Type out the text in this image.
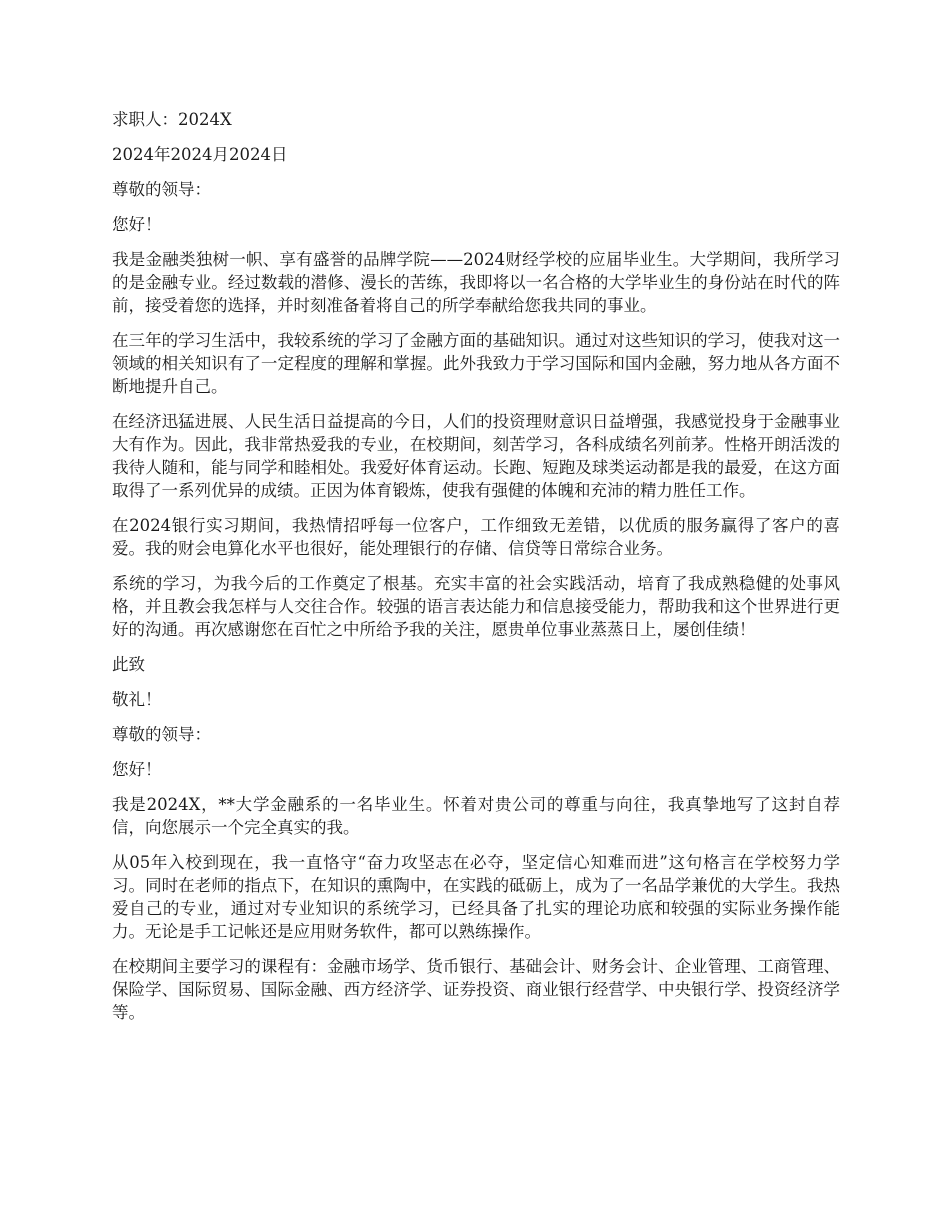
求职人：2024X

2024年2024月2024日

尊敬的领导：

您好！

我是金融类独树一帜、享有盛誉的品牌学院——2024财经学校的应届毕业生。大学期间，我所学习的是金融专业。经过数载的潜修、漫长的苦练，我即将以一名合格的大学毕业生的身份站在时代的阵前，接受着您的选择，并时刻准备着将自己的所学奉献给您我共同的事业。

在三年的学习生活中，我较系统的学习了金融方面的基础知识。通过对这些知识的学习，使我对这一领域的相关知识有了一定程度的理解和掌握。此外我致力于学习国际和国内金融，努力地从各方面不断地提升自己。

在经济迅猛进展、人民生活日益提高的今日，人们的投资理财意识日益增强，我感觉投身于金融事业大有作为。因此，我非常热爱我的专业，在校期间，刻苦学习，各科成绩名列前茅。性格开朗活泼的我待人随和，能与同学和睦相处。我爱好体育运动。长跑、短跑及球类运动都是我的最爱，在这方面取得了一系列优异的成绩。正因为体育锻炼，使我有强健的体魄和充沛的精力胜任工作。

在2024银行实习期间，我热情招呼每一位客户，工作细致无差错，以优质的服务赢得了客户的喜爱。我的财会电算化水平也很好，能处理银行的存储、信贷等日常综合业务。

系统的学习，为我今后的工作奠定了根基。充实丰富的社会实践活动，培育了我成熟稳健的处事风格，并且教会我怎样与人交往合作。较强的语言表达能力和信息接受能力，帮助我和这个世界进行更好的沟通。再次感谢您在百忙之中所给予我的关注，愿贵单位事业蒸蒸日上，屡创佳绩！

此致

敬礼！

尊敬的领导：

您好！

我是2024X，**大学金融系的一名毕业生。怀着对贵公司的尊重与向往，我真挚地写了这封自荐信，向您展示一个完全真实的我。

从05年入校到现在，我一直恪守“奋力攻坚志在必夺，坚定信心知难而进”这句格言在学校努力学习。同时在老师的指点下，在知识的熏陶中，在实践的砥砺上，成为了一名品学兼优的大学生。我热爱自己的专业，通过对专业知识的系统学习，已经具备了扎实的理论功底和较强的实际业务操作能力。无论是手工记帐还是应用财务软件，都可以熟练操作。

在校期间主要学习的课程有：金融市场学、货币银行、基础会计、财务会计、企业管理、工商管理、保险学、国际贸易、国际金融、西方经济学、证券投资、商业银行经营学、中央银行学、投资经济学等。
